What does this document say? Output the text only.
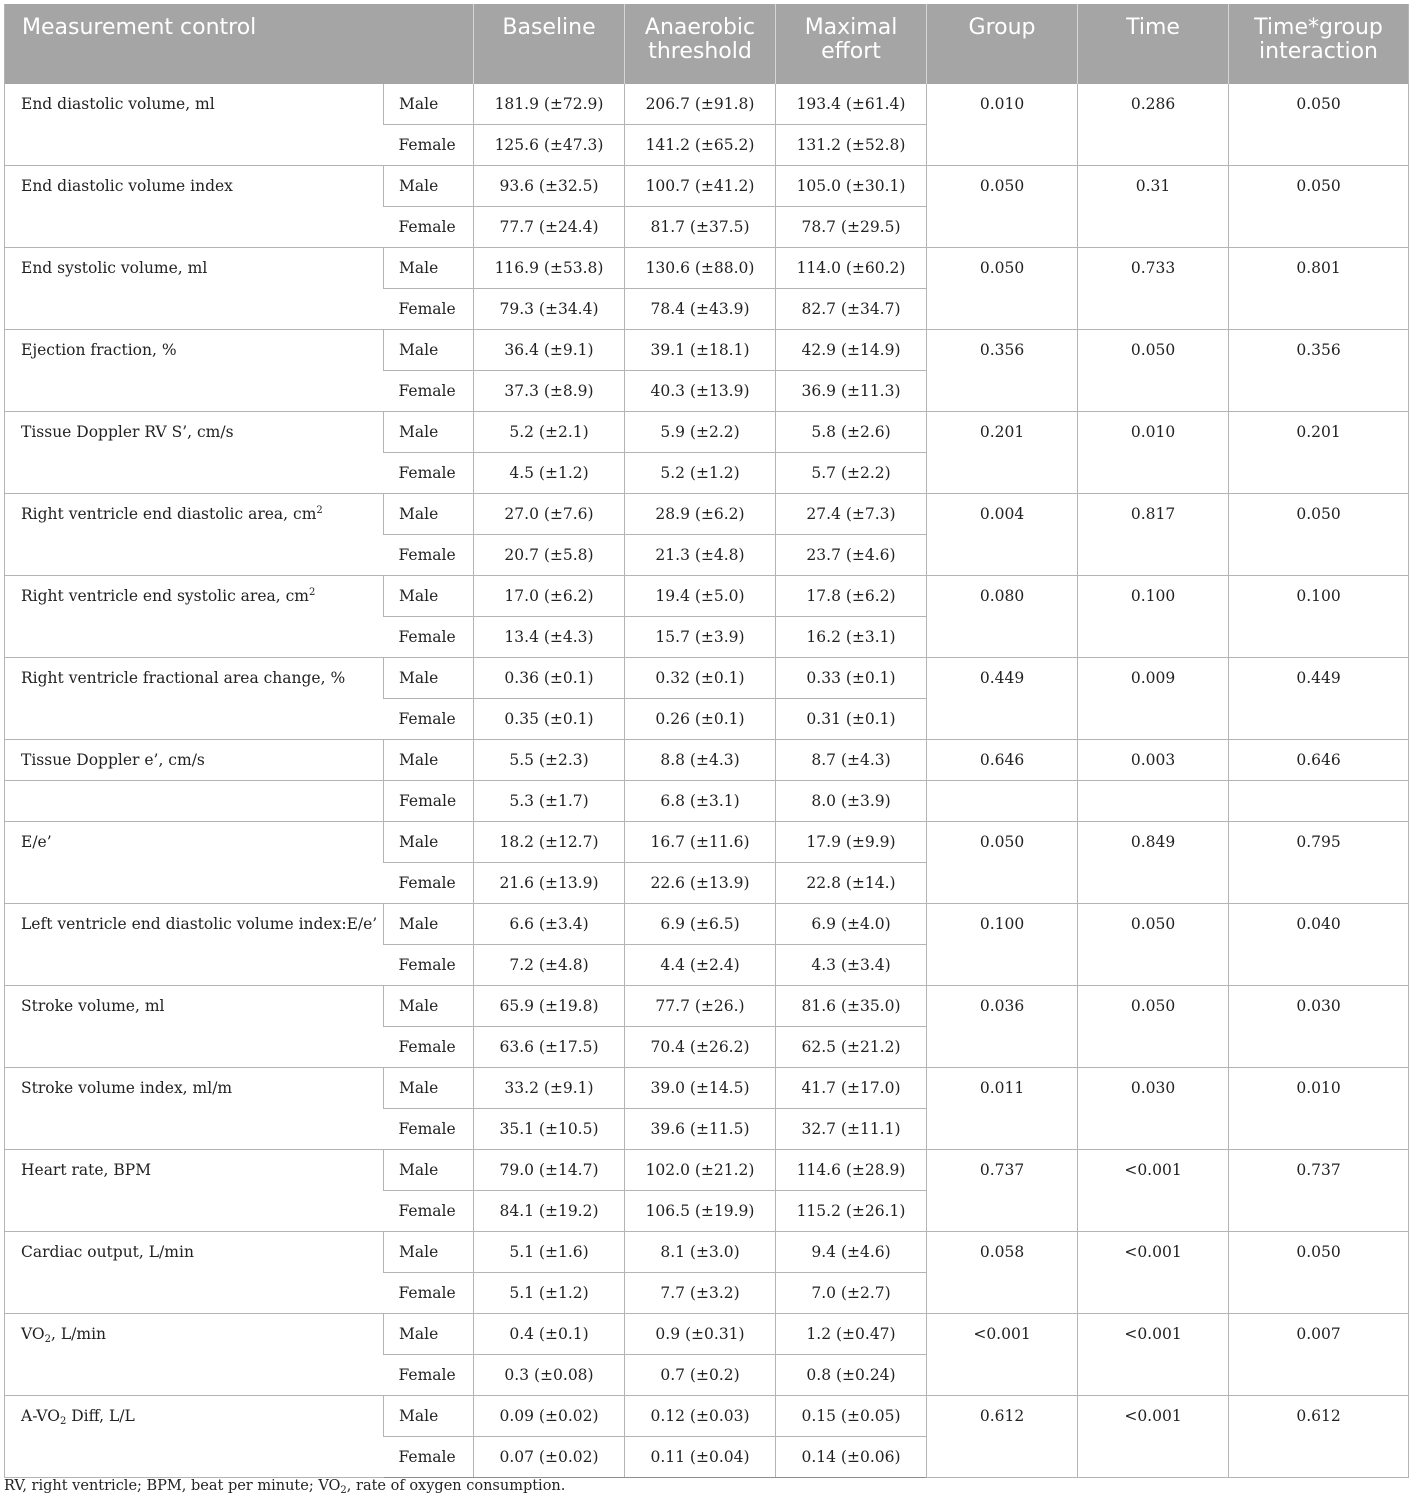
Measurement control		Baseline	Anaerobic threshold	Maximal effort	Group	Time	Time*group interaction
End diastolic volume, ml	Male	181.9 (±72.9)	206.7 (±91.8)	193.4 (±61.4)	0.010	0.286	0.050
	Female	125.6 (±47.3)	141.2 (±65.2)	131.2 (±52.8)			
End diastolic volume index	Male	93.6 (±32.5)	100.7 (±41.2)	105.0 (±30.1)	0.050	0.31	0.050
	Female	77.7 (±24.4)	81.7 (±37.5)	78.7 (±29.5)			
End systolic volume, ml	Male	116.9 (±53.8)	130.6 (±88.0)	114.0 (±60.2)	0.050	0.733	0.801
	Female	79.3 (±34.4)	78.4 (±43.9)	82.7 (±34.7)			
Ejection fraction, %	Male	36.4 (±9.1)	39.1 (±18.1)	42.9 (±14.9)	0.356	0.050	0.356
	Female	37.3 (±8.9)	40.3 (±13.9)	36.9 (±11.3)			
Tissue Doppler RV S’, cm/s	Male	5.2 (±2.1)	5.9 (±2.2)	5.8 (±2.6)	0.201	0.010	0.201
	Female	4.5 (±1.2)	5.2 (±1.2)	5.7 (±2.2)			
Right ventricle end diastolic area, $cm^2$	Male	27.0 (±7.6)	28.9 (±6.2)	27.4 (±7.3)	0.004	0.817	0.050
	Female	20.7 (±5.8)	21.3 (±4.8)	23.7 (±4.6)			
Right ventricle end systolic area, $cm^2$	Male	17.0 (±6.2)	19.4 (±5.0)	17.8 (±6.2)	0.080	0.100	0.100
	Female	13.4 (±4.3)	15.7 (±3.9)	16.2 (±3.1)			
Right ventricle fractional area change, %	Male	0.36 (±0.1)	0.32 (±0.1)	0.33 (±0.1)	0.449	0.009	0.449
	Female	0.35 (±0.1)	0.26 (±0.1)	0.31 (±0.1)			
Tissue Doppler e’, cm/s	Male	5.5 (±2.3)	8.8 (±4.3)	8.7 (±4.3)	0.646	0.003	0.646
	Female	5.3 (±1.7)	6.8 (±3.1)	8.0 (±3.9)			
E/e’	Male	18.2 (±12.7)	16.7 (±11.6)	17.9 (±9.9)	0.050	0.849	0.795
	Female	21.6 (±13.9)	22.6 (±13.9)	22.8 (±14.)			
Left ventricle end diastolic volume index:E/e’	Male	6.6 (±3.4)	6.9 (±6.5)	6.9 (±4.0)	0.100	0.050	0.040
	Female	7.2 (±4.8)	4.4 (±2.4)	4.3 (±3.4)			
Stroke volume, ml	Male	65.9 (±19.8)	77.7 (±26.)	81.6 (±35.0)	0.036	0.050	0.030
	Female	63.6 (±17.5)	70.4 (±26.2)	62.5 (±21.2)			
Stroke volume index, ml/m	Male	33.2 (±9.1)	39.0 (±14.5)	41.7 (±17.0)	0.011	0.030	0.010
	Female	35.1 (±10.5)	39.6 (±11.5)	32.7 (±11.1)			
Heart rate, BPM	Male	79.0 (±14.7)	102.0 (±21.2)	114.6 (±28.9)	0.737	<0.001	0.737
	Female	84.1 (±19.2)	106.5 (±19.9)	115.2 (±26.1)			
Cardiac output, L/min	Male	5.1 (±1.6)	8.1 (±3.0)	9.4 (±4.6)	0.058	<0.001	0.050
	Female	5.1 (±1.2)	7.7 (±3.2)	7.0 (±2.7)			
$VO_2$, L/min	Male	0.4 (±0.1)	0.9 (±0.31)	1.2 (±0.47)	<0.001	<0.001	0.007
	Female	0.3 (±0.08)	0.7 (±0.2)	0.8 (±0.24)			
$A-VO_2$ Diff, L/L	Male	0.09 (±0.02)	0.12 (±0.03)	0.15 (±0.05)	0.612	<0.001	0.612
	Female	0.07 (±0.02)	0.11 (±0.04)	0.14 (±0.06)			
RV, right ventricle; BPM, beat per minute; $VO_2$, rate of oxygen consumption.
